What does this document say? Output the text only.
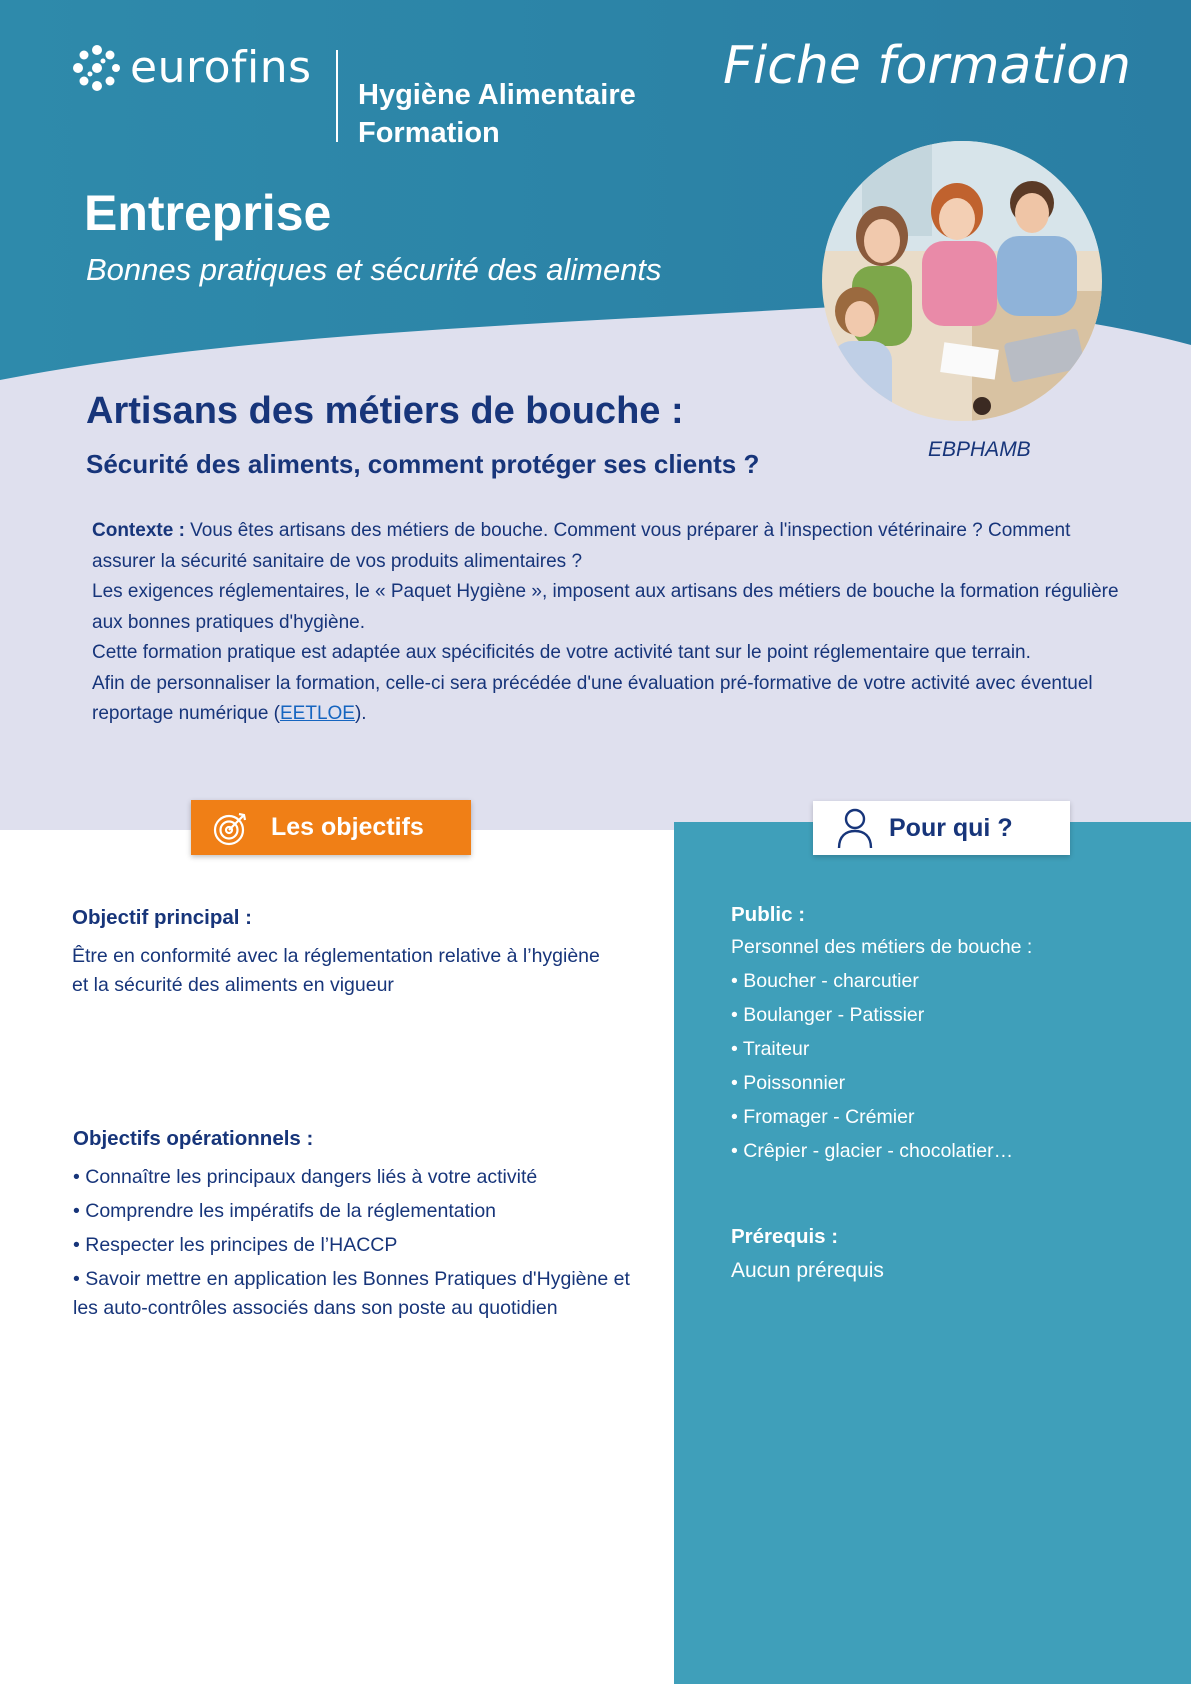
eurofins
Hygiène Alimentaire
Formation
Fiche formation
Entreprise
Bonnes pratiques et sécurité des aliments
EBPHAMB
Artisans des métiers de bouche :
Sécurité des aliments, comment protéger ses clients ?

Contexte : Vous êtes artisans des métiers de bouche. Comment vous préparer à l'inspection vétérinaire ? Comment assurer la sécurité sanitaire de vos produits alimentaires ?

Les exigences réglementaires, le « Paquet Hygiène », imposent aux artisans des métiers de bouche la formation régulière aux bonnes pratiques d'hygiène.

Cette formation pratique est adaptée aux spécificités de votre activité tant sur le point réglementaire que terrain.

Afin de personnaliser la formation, celle-ci sera précédée d'une évaluation pré-formative de votre activité avec éventuel reportage numérique (EETLOE).

Les objectifs	Pour qui ?

Objectif principal :

Être en conformité avec la réglementation relative à l’hygiène et la sécurité des aliments en vigueur

Objectifs opérationnels :

• Connaître les principaux dangers liés à votre activité

• Comprendre les impératifs de la réglementation

• Respecter les principes de l’HACCP

• Savoir mettre en application les Bonnes Pratiques d'Hygiène et les auto-contrôles associés dans son poste au quotidien

Public :

Personnel des métiers de bouche :

• Boucher - charcutier

• Boulanger - Patissier

• Traiteur

• Poissonnier

• Fromager - Crémier

• Crêpier - glacier - chocolatier…

Prérequis :

Aucun prérequis
